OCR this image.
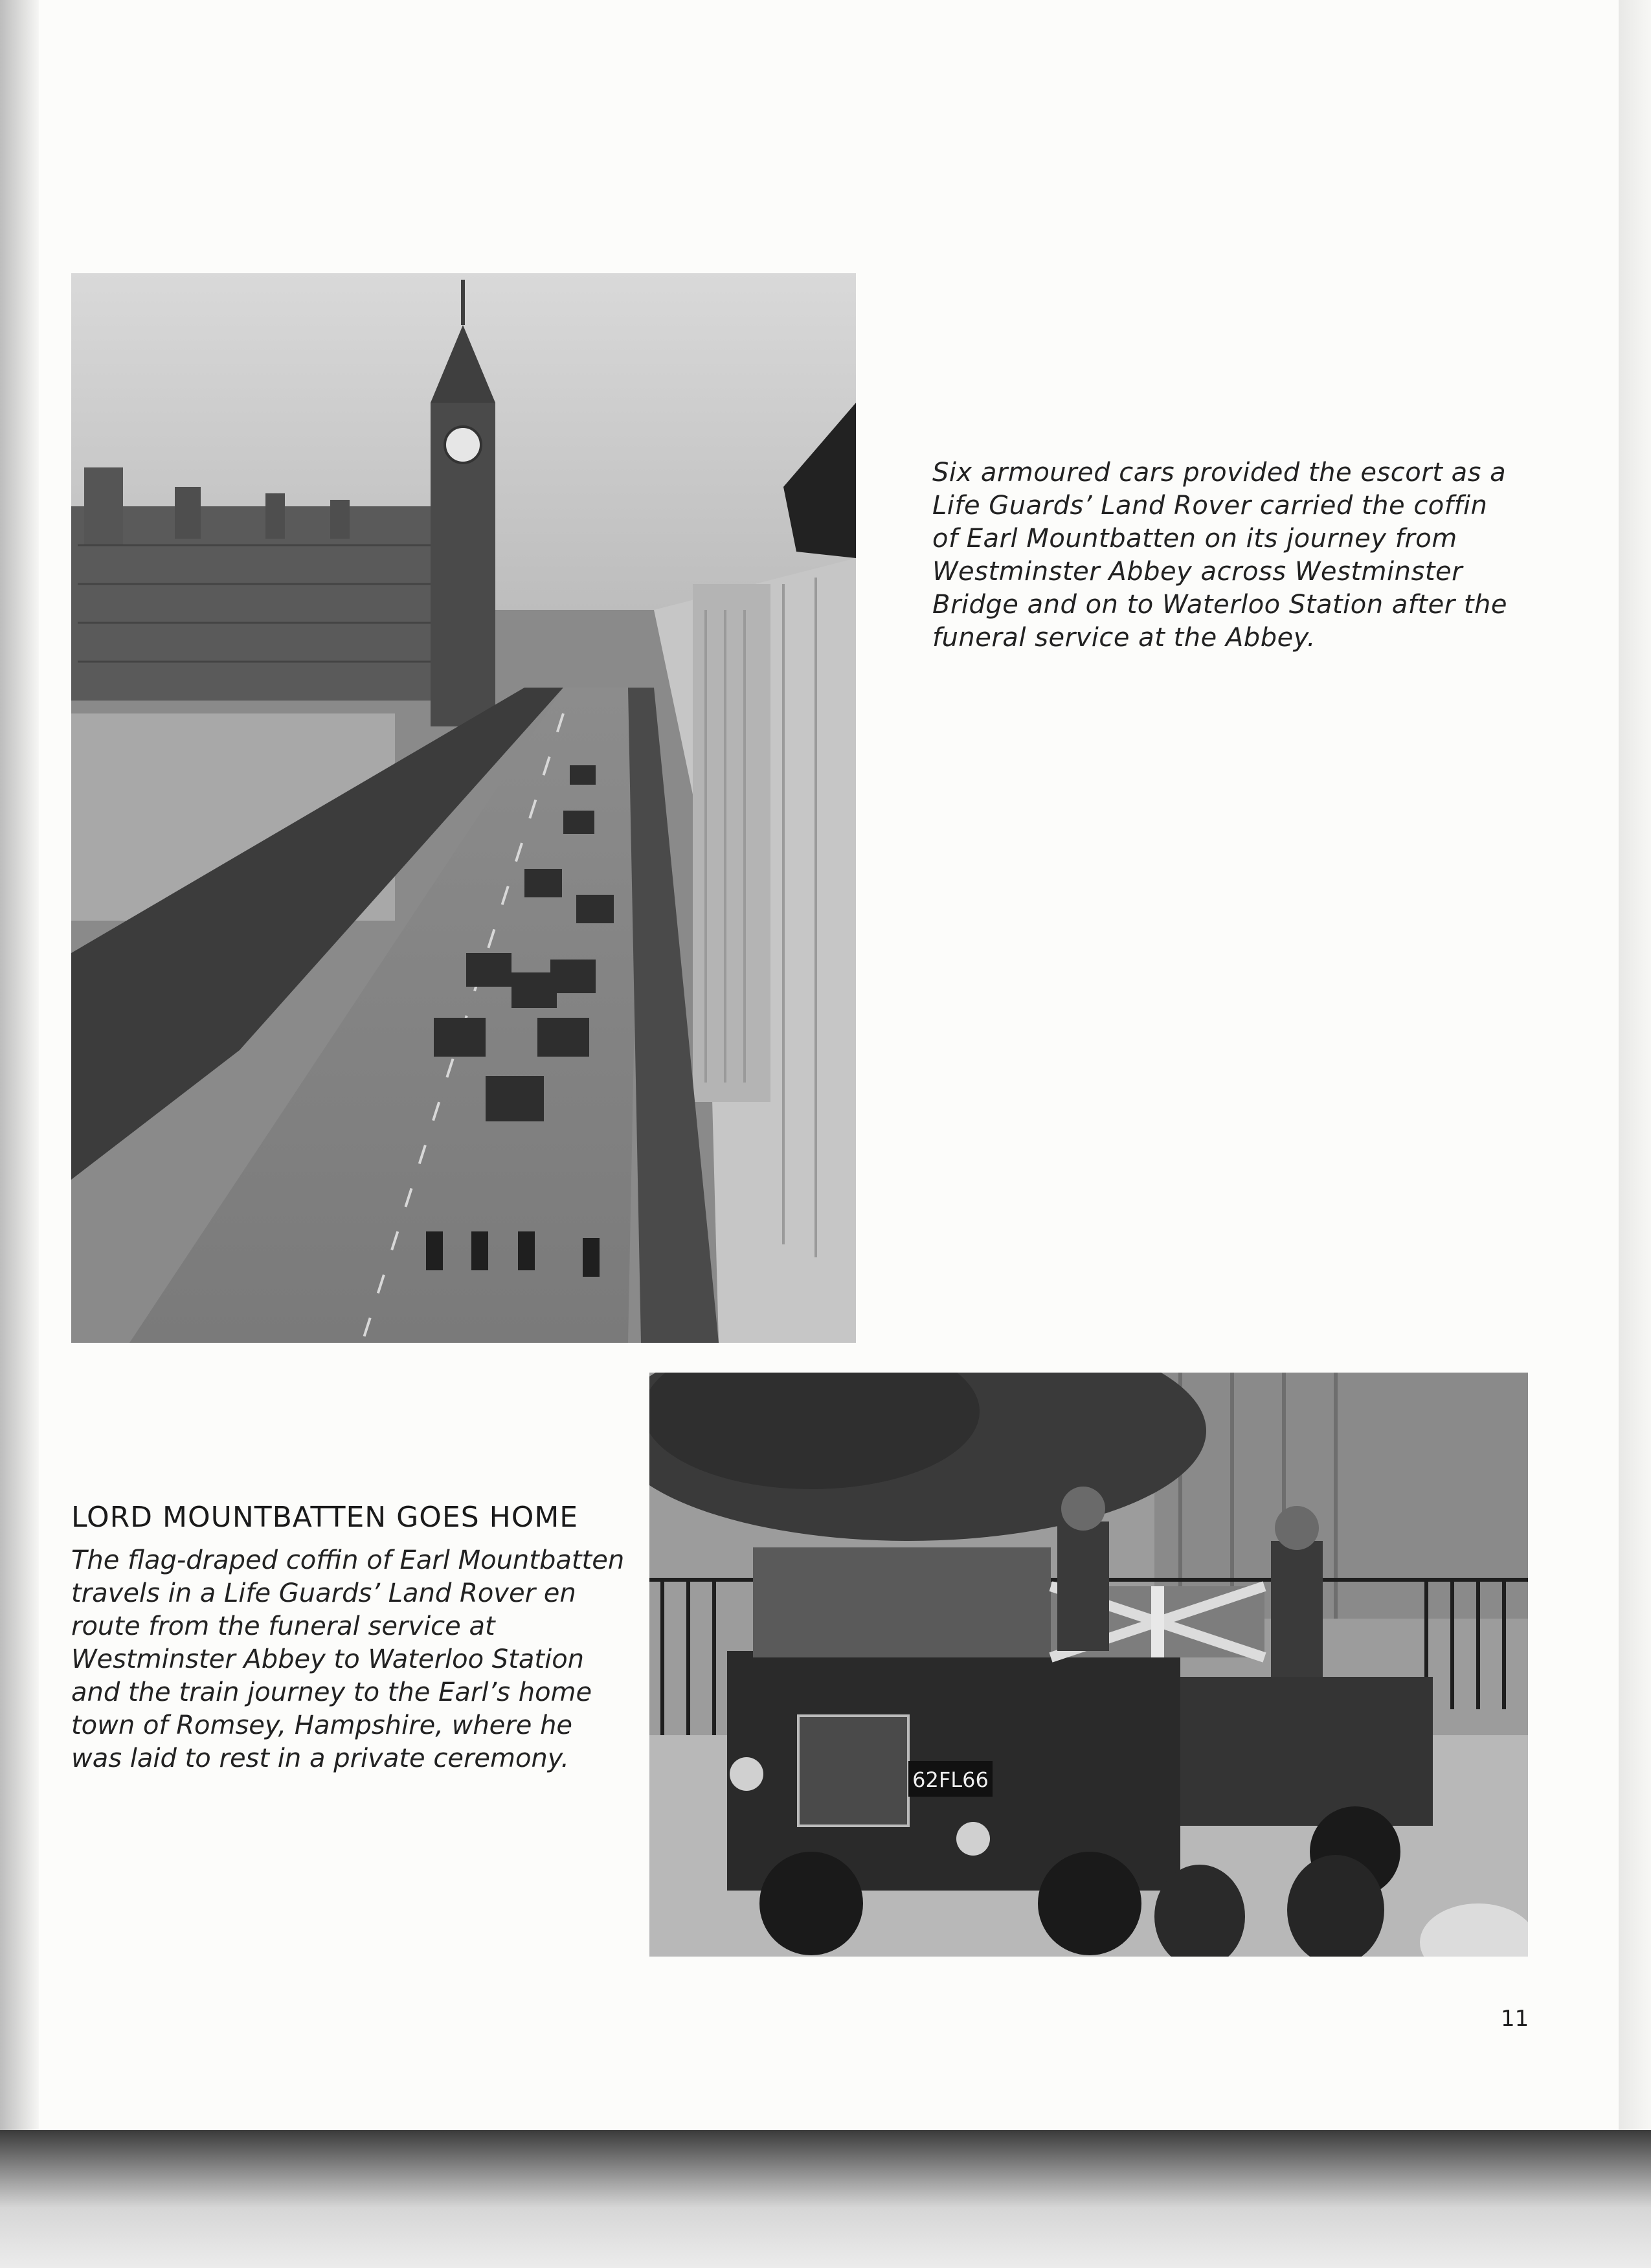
Six armoured cars provided the escort as a Life Guards’ Land Rover carried the coffin of Earl Mountbatten on its journey from Westminster Abbey across Westminster Bridge and on to Waterloo Station after the funeral service at the Abbey.
LORD MOUNTBATTEN GOES HOME
The flag-draped coffin of Earl Mountbatten travels in a Life Guards’ Land Rover en route from the funeral service at Westminster Abbey to Waterloo Station and the train journey to the Earl’s home town of Romsey, Hampshire, where he was laid to rest in a private ceremony.
62FL66
11
